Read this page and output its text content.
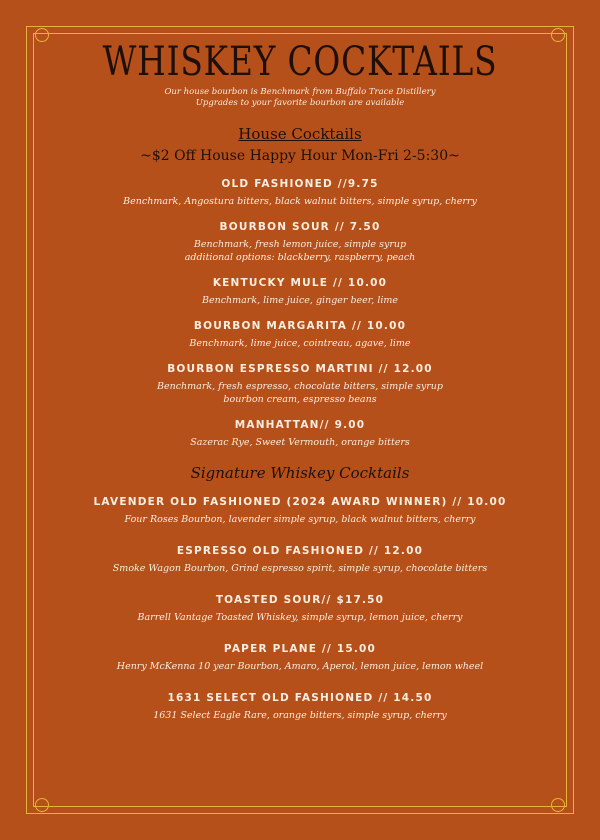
WHISKEY COCKTAILS
Our house bourbon is Benchmark from Buffalo Trace Distillery
Upgrades to your favorite bourbon are available
House Cocktails
~$2 Off House Happy Hour Mon-Fri 2-5:30~
OLD FASHIONED //9.75
Benchmark, Angostura bitters, black walnut bitters, simple syrup, cherry
BOURBON SOUR // 7.50
Benchmark, fresh lemon juice, simple syrup
additional options: blackberry, raspberry, peach
KENTUCKY MULE // 10.00
Benchmark, lime juice, ginger beer, lime
BOURBON MARGARITA // 10.00
Benchmark, lime juice, cointreau, agave, lime
BOURBON ESPRESSO MARTINI // 12.00
Benchmark, fresh espresso, chocolate bitters, simple syrup
bourbon cream, espresso beans
MANHATTAN// 9.00
Sazerac Rye, Sweet Vermouth, orange bitters
Signature Whiskey Cocktails
LAVENDER OLD FASHIONED (2024 AWARD WINNER) // 10.00
Four Roses Bourbon, lavender simple syrup, black walnut bitters, cherry
ESPRESSO OLD FASHIONED // 12.00
Smoke Wagon Bourbon, Grind espresso spirit, simple syrup, chocolate bitters
TOASTED SOUR// $17.50
Barrell Vantage Toasted Whiskey, simple syrup, lemon juice, cherry
PAPER PLANE // 15.00
Henry McKenna 10 year Bourbon, Amaro, Aperol, lemon juice, lemon wheel
1631 SELECT OLD FASHIONED // 14.50
1631 Select Eagle Rare, orange bitters, simple syrup, cherry
